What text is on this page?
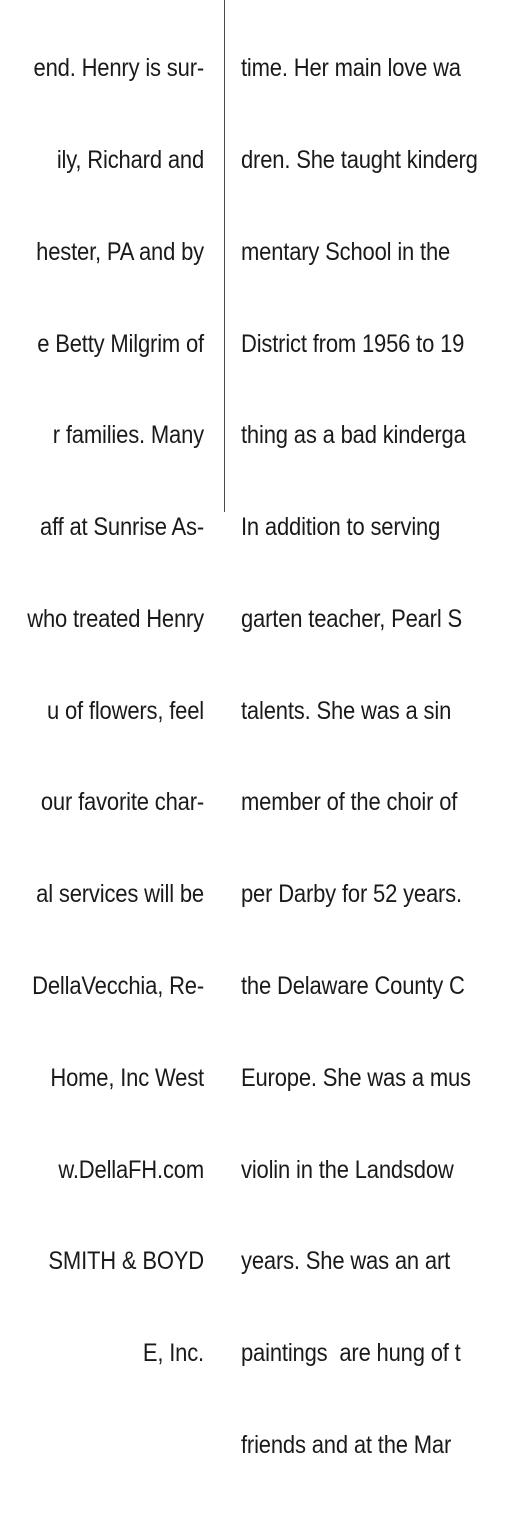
end. Henry is sur-

ily, Richard and

hester, PA and by

e Betty Milgrim of

r families. Many

aff at Sunrise As-

who treated Henry

u of flowers, feel

our favorite char-

al services will be

DellaVecchia, Re-

Home, Inc West

w.DellaFH.com

SMITH & BOYD

E, Inc.

time. Her main love wa

dren. She taught kinderg

mentary School in the

District from 1956 to 19

thing as a bad kinderga

In addition to serving

garten teacher, Pearl S

talents. She was a sin

member of the choir of

per Darby for 52 years.

the Delaware County C

Europe. She was a mus

violin in the Landsdow

years. She was an art

paintings  are hung of t

friends and at the Mar
